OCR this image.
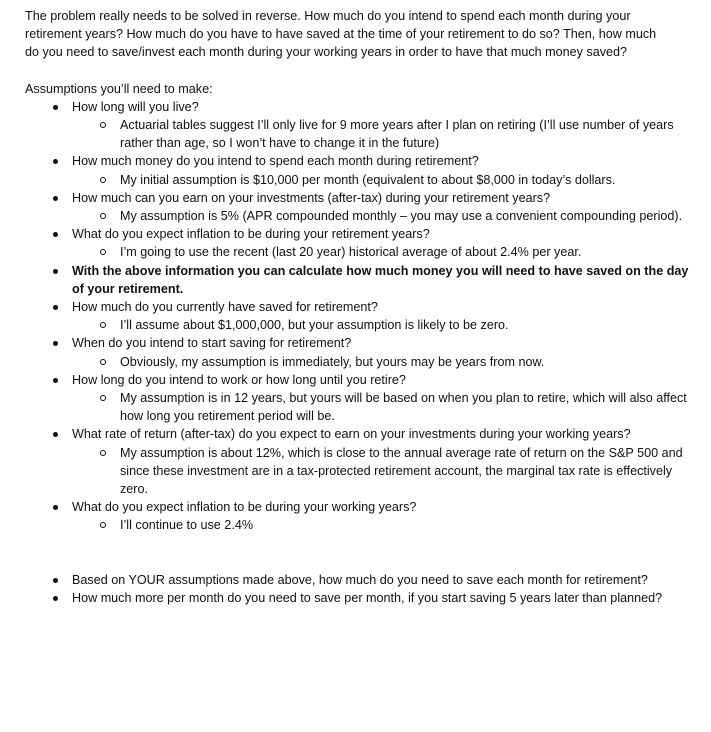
The problem really needs to be solved in reverse. How much do you intend to spend each month during your retirement years? How much do you have to have saved at the time of your retirement to do so? Then, how much do you need to save/invest each month during your working years in order to have that much money saved?

Assumptions you’ll need to make:

How long will you live?
Actuarial tables suggest I’ll only live for 9 more years after I plan on retiring (I’ll use number of years rather than age, so I won’t have to change it in the future)
How much money do you intend to spend each month during retirement?
My initial assumption is $10,000 per month (equivalent to about $8,000 in today’s dollars.
How much can you earn on your investments (after-tax) during your retirement years?
My assumption is 5% (APR compounded monthly – you may use a convenient compounding period).
What do you expect inflation to be during your retirement years?
I’m going to use the recent (last 20 year) historical average of about 2.4% per year.
With the above information you can calculate how much money you will need to have saved on the day of your retirement.
How much do you currently have saved for retirement?
I’ll assume about $1,000,000, but your assumption is likely to be zero.
When do you intend to start saving for retirement?
Obviously, my assumption is immediately, but yours may be years from now.
How long do you intend to work or how long until you retire?
My assumption is in 12 years, but yours will be based on when you plan to retire, which will also affect how long you retirement period will be.
What rate of return (after-tax) do you expect to earn on your investments during your working years?
My assumption is about 12%, which is close to the annual average rate of return on the S&P 500 and since these investment are in a tax-protected retirement account, the marginal tax rate is effectively zero.
What do you expect inflation to be during your working years?
I’ll continue to use 2.4%
Based on YOUR assumptions made above, how much do you need to save each month for retirement?
How much more per month do you need to save per month, if you start saving 5 years later than planned?
